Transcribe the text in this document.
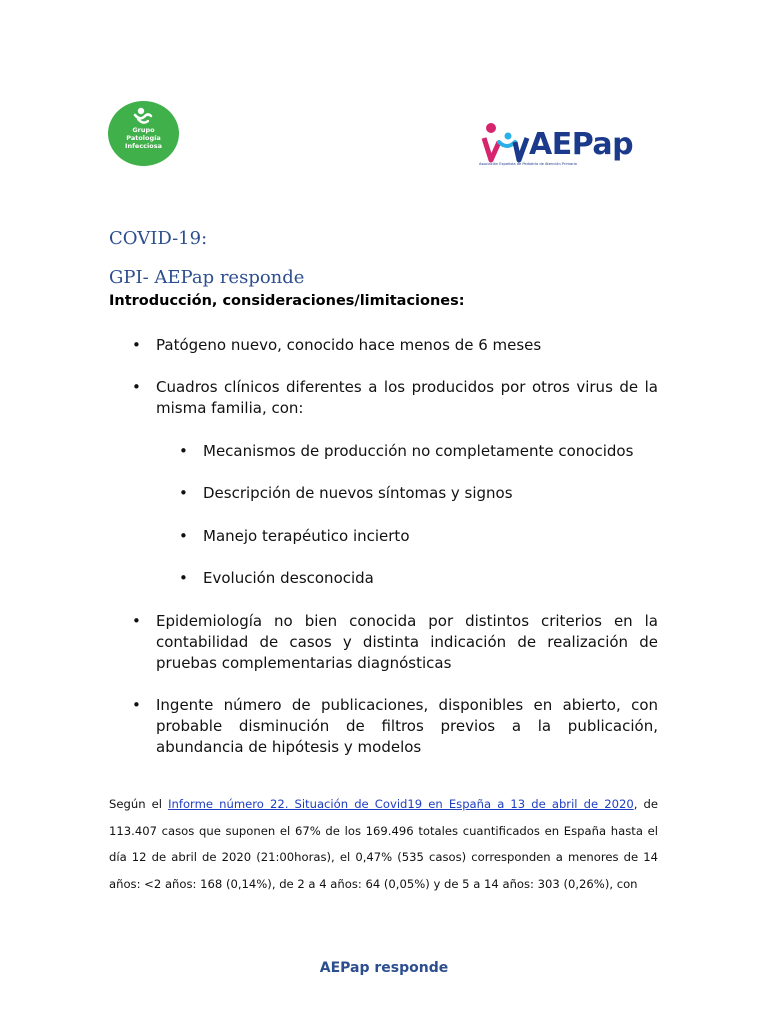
Grupo
Patología
Infecciosa	AEPap
Asociación Española de Pediatría de Atención Primaria
COVID-19:
GPI- AEPap responde
Introducción, consideraciones/limitaciones:
• Patógeno nuevo, conocido hace menos de 6 meses
• Cuadros clínicos diferentes a los producidos por otros virus de la misma familia, con:
• Mecanismos de producción no completamente conocidos
• Descripción de nuevos síntomas y signos
• Manejo terapéutico incierto
• Evolución desconocida
• Epidemiología no bien conocida por distintos criterios en la contabilidad de casos y distinta indicación de realización de pruebas complementarias diagnósticas
• Ingente número de publicaciones, disponibles en abierto, con probable disminución de filtros previos a la publicación, abundancia de hipótesis y modelos

Según el Informe número 22. Situación de Covid19 en España a 13 de abril de 2020, de 113.407 casos que suponen el 67% de los 169.496 totales cuantificados en España hasta el día 12 de abril de 2020 (21:00horas), el 0,47% (535 casos) corresponden a menores de 14 años: <2 años: 168 (0,14%), de 2 a 4 años: 64 (0,05%) y de 5 a 14 años: 303 (0,26%), con

AEPap responde
